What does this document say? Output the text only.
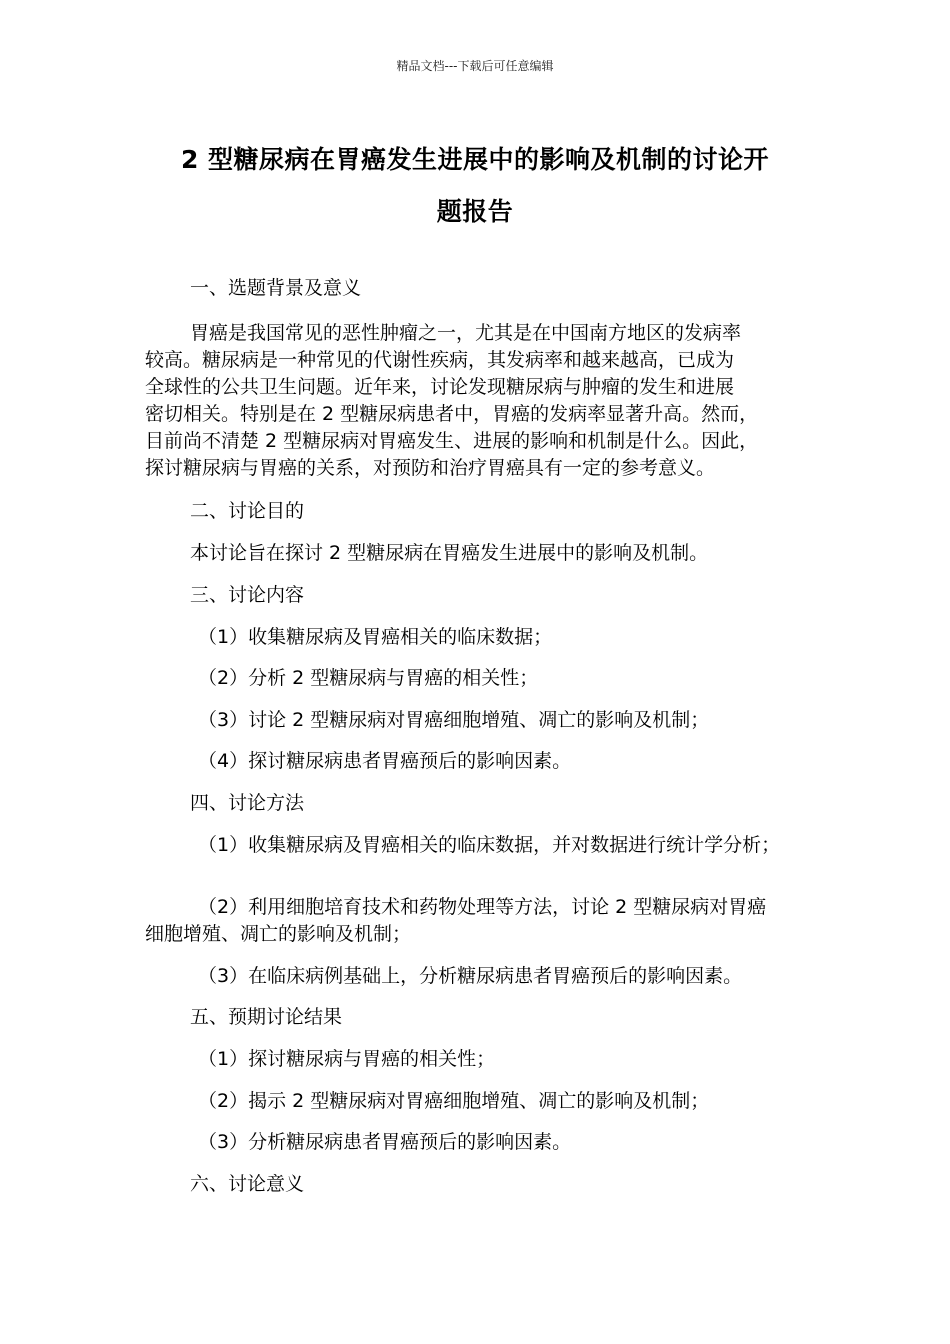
精品文档---下载后可任意编辑
2 型糖尿病在胃癌发生进展中的影响及机制的讨论开
题报告
一、选题背景及意义
胃癌是我国常见的恶性肿瘤之一，尤其是在中国南方地区的发病率
较高。糖尿病是一种常见的代谢性疾病，其发病率和越来越高，已成为
全球性的公共卫生问题。近年来，讨论发现糖尿病与肿瘤的发生和进展
密切相关。特别是在 2 型糖尿病患者中，胃癌的发病率显著升高。然而，
目前尚不清楚 2 型糖尿病对胃癌发生、进展的影响和机制是什么。因此，
探讨糖尿病与胃癌的关系，对预防和治疗胃癌具有一定的参考意义。
二、讨论目的
本讨论旨在探讨 2 型糖尿病在胃癌发生进展中的影响及机制。
三、讨论内容
（1）收集糖尿病及胃癌相关的临床数据；
（2）分析 2 型糖尿病与胃癌的相关性；
（3）讨论 2 型糖尿病对胃癌细胞增殖、凋亡的影响及机制；
（4）探讨糖尿病患者胃癌预后的影响因素。
四、讨论方法
（1）收集糖尿病及胃癌相关的临床数据，并对数据进行统计学分析；
（2）利用细胞培育技术和药物处理等方法，讨论 2 型糖尿病对胃癌
细胞增殖、凋亡的影响及机制；
（3）在临床病例基础上，分析糖尿病患者胃癌预后的影响因素。
五、预期讨论结果
（1）探讨糖尿病与胃癌的相关性；
（2）揭示 2 型糖尿病对胃癌细胞增殖、凋亡的影响及机制；
（3）分析糖尿病患者胃癌预后的影响因素。
六、讨论意义
